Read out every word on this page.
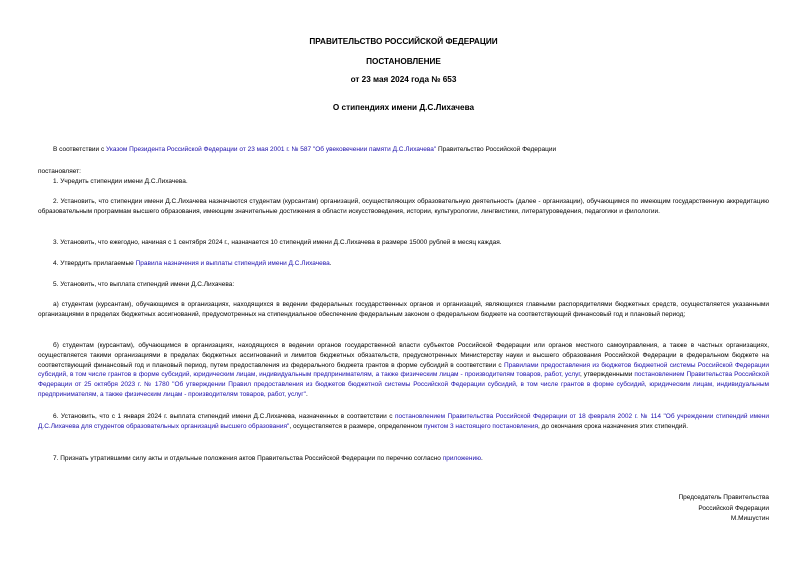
ПРАВИТЕЛЬСТВО РОССИЙСКОЙ ФЕДЕРАЦИИ
ПОСТАНОВЛЕНИЕ
от 23 мая 2024 года № 653
О стипендиях имени Д.С.Лихачева
В соответствии с Указом Президента Российской Федерации от 23 мая 2001 г. № 587 "Об увековечении памяти Д.С.Лихачева" Правительство Российской Федерации
постановляет:
1. Учредить стипендии имени Д.С.Лихачева.
2. Установить, что стипендии имени Д.С.Лихачева назначаются студентам (курсантам) организаций, осуществляющих образовательную деятельность (далее - организации), обучающимся по имеющим государственную аккредитацию образовательным программам высшего образования, имеющим значительные достижения в области искусствоведения, истории, культурологии, лингвистики, литературоведения, педагогики и филологии.
3. Установить, что ежегодно, начиная с 1 сентября 2024 г., назначается 10 стипендий имени Д.С.Лихачева в размере 15000 рублей в месяц каждая.
4. Утвердить прилагаемые Правила назначения и выплаты стипендий имени Д.С.Лихачева.
5. Установить, что выплата стипендий имени Д.С.Лихачева:
а) студентам (курсантам), обучающимся в организациях, находящихся в ведении федеральных государственных органов и организаций, являющихся главными распорядителями бюджетных средств, осуществляется указанными организациями в пределах бюджетных ассигнований, предусмотренных на стипендиальное обеспечение федеральным законом о федеральном бюджете на соответствующий финансовый год и плановый период;
б) студентам (курсантам), обучающимся в организациях, находящихся в ведении органов государственной власти субъектов Российской Федерации или органов местного самоуправления, а также в частных организациях, осуществляется такими организациями в пределах бюджетных ассигнований и лимитов бюджетных обязательств, предусмотренных Министерству науки и высшего образования Российской Федерации в федеральном бюджете на соответствующий финансовый год и плановый период, путем предоставления из федерального бюджета грантов в форме субсидий в соответствии с Правилами предоставления из бюджетов бюджетной системы Российской Федерации субсидий, в том числе грантов в форме субсидий, юридическим лицам, индивидуальным предпринимателям, а также физическим лицам - производителям товаров, работ, услуг, утвержденными постановлением Правительства Российской Федерации от 25 октября 2023 г. № 1780 "Об утверждении Правил предоставления из бюджетов бюджетной системы Российской Федерации субсидий, в том числе грантов в форме субсидий, юридическим лицам, индивидуальным предпринимателям, а также физическим лицам - производителям товаров, работ, услуг".
6. Установить, что с 1 января 2024 г. выплата стипендий имени Д.С.Лихачева, назначенных в соответствии с постановлением Правительства Российской Федерации от 18 февраля 2002 г. № 114 "Об учреждении стипендий имени Д.С.Лихачева для студентов образовательных организаций высшего образования", осуществляется в размере, определенном пунктом 3 настоящего постановления, до окончания срока назначения этих стипендий.
7. Признать утратившими силу акты и отдельные положения актов Правительства Российской Федерации по перечню согласно приложению.
Председатель Правительства
Российской Федерации
М.Мишустин
